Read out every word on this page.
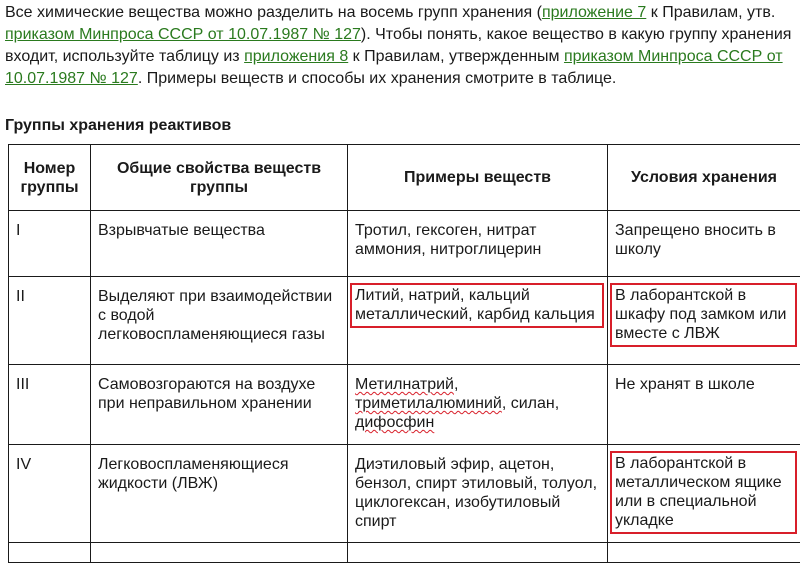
Все химические вещества можно разделить на восемь групп хранения (приложение 7 к Правилам, утв. приказом Минпроса СССР от 10.07.1987 № 127). Чтобы понять, какое вещество в какую группу хранения входит, используйте таблицу из приложения 8 к Правилам, утвержденным приказом Минпроса СССР от 10.07.1987 № 127. Примеры веществ и способы их хранения смотрите в таблице.

Группы хранения реактивов
Номер группы	Общие свойства веществ группы	Примеры веществ	Условия хранения
I	Взрывчатые вещества	Тротил, гексоген, нитрат аммония, нитроглицерин	Запрещено вносить в школу
II	Выделяют при взаимодействии с водой легковоспламеняющиеся газы	Литий, натрий, кальций металлический, карбид кальция	В лаборантской в шкафу под замком или вместе с ЛВЖ
III	Самовозгораются на воздухе при неправильном хранении	Метилнатрий, триметилалюминий, силан, дифосфин	Не хранят в школе
IV	Легковоспламеняющиеся жидкости (ЛВЖ)	Диэтиловый эфир, ацетон, бензол, спирт этиловый, толуол, циклогексан, изобутиловый спирт	В лаборантской в металлическом ящике или в специальной укладке
